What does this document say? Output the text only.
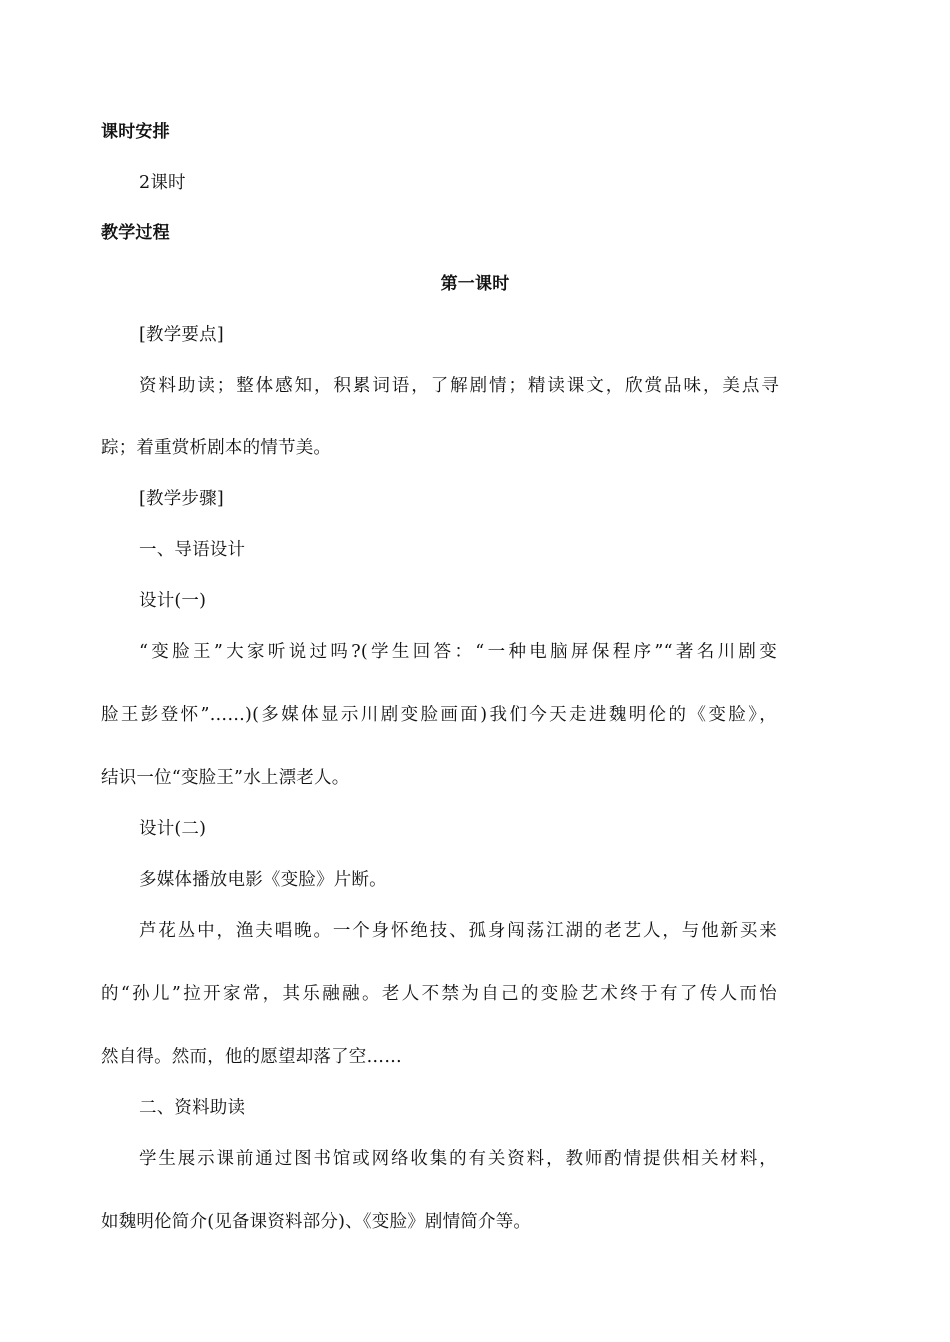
课时安排
2课时
教学过程
第一课时
[教学要点]
资料助读；整体感知，积累词语，了解剧情；精读课文，欣赏品味，美点寻
踪；着重赏析剧本的情节美。
[教学步骤]
一、导语设计
设计(一)
“变脸王”大家听说过吗?(学生回答：“一种电脑屏保程序”“著名川剧变
脸王彭登怀”……)(多媒体显示川剧变脸画面)我们今天走进魏明伦的《变脸》，
结识一位“变脸王”水上漂老人。
设计(二)
多媒体播放电影《变脸》片断。
芦花丛中，渔夫唱晚。一个身怀绝技、孤身闯荡江湖的老艺人，与他新买来
的“孙儿”拉开家常，其乐融融。老人不禁为自己的变脸艺术终于有了传人而怡
然自得。然而，他的愿望却落了空……
二、资料助读
学生展示课前通过图书馆或网络收集的有关资料，教师酌情提供相关材料，
如魏明伦简介(见备课资料部分)、《变脸》剧情简介等。
